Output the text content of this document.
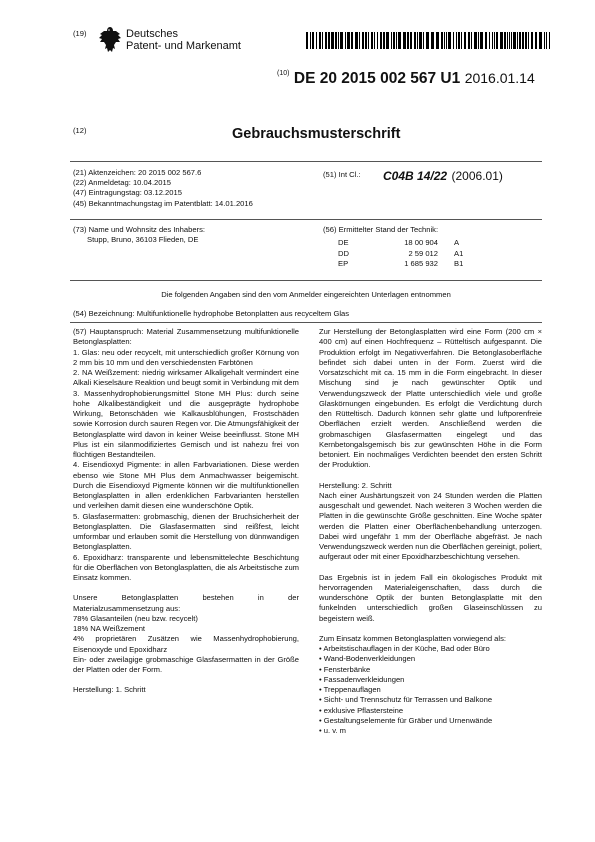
(19)	Deutsches
Patent- und Markenamt
$^{(10)}$ DE 20 2015 002 567 U1 2016.01.14
(12)	Gebrauchsmusterschrift
(21) Aktenzeichen: 20 2015 002 567.6
(22) Anmeldetag: 10.04.2015
(47) Eintragungstag: 03.12.2015
(45) Bekanntmachungstag im Patentblatt: 14.01.2016
(51) Int Cl.: C04B 14/22 (2006.01)
(73) Name und Wohnsitz des Inhabers:
Stupp, Bruno, 36103 Flieden, DE
(56) Ermittelter Stand der Technik:
DE	18 00 904 A
DD	2 59 012 A1
EP	1 685 932 B1
Die folgenden Angaben sind den vom Anmelder eingereichten Unterlagen entnommen
(54) Bezeichnung: Multifunktionelle hydrophobe Betonplatten aus recyceltem Glas

(57) Hauptanspruch: Material Zusammensetzung multifunktionelle Betonglasplatten:

1. Glas: neu oder recycelt, mit unterschiedlich großer Körnung von 2 mm bis 10 mm und den verschiedensten Farbtönen

2. NA Weißzement: niedrig wirksamer Alkaligehalt vermindert eine Alkali Kieselsäure Reaktion und beugt somit in Verbindung mit dem

3. Massenhydrophobierungsmittel Stone MH Plus: durch seine hohe Alkalibeständigkeit und die ausgeprägte hydrophobe Wirkung, Betonschäden wie Kalkausblühungen, Frostschäden sowie Korrosion durch sauren Regen vor. Die Atmungsfähigkeit der Betonglasplatte wird davon in keiner Weise beeinflusst. Stone MH Plus ist ein silanmodifiziertes Gemisch und ist nahezu frei von flüchtigen Bestandteilen.

4. Eisendioxyd Pigmente: in allen Farbvariationen. Diese werden ebenso wie Stone MH Plus dem Anmachwasser beigemischt. Durch die Eisendioxyd Pigmente können wir die multifunktionellen Betonglasplatten in allen erdenklichen Farbvarianten herstellen und verleihen damit diesen eine wunderschöne Optik.

5. Glasfasermatten: grobmaschig, dienen der Bruchsicherheit der Betonglasplatten. Die Glasfasermatten sind reißfest, leicht umformbar und erlauben somit die Herstellung von dünnwandigen Betonglasplatten.

6. Epoxidharz: transparente und lebensmittelechte Beschichtung für die Oberflächen von Betonglasplatten, die als Arbeitstische zum Einsatz kommen.

Unsere Betonglasplatten bestehen in der Materialzusammensetzung aus:

78% Glasanteilen (neu bzw. recycelt)

18% NA Weißzement

4% proprietären Zusätzen wie Massenhydrophobierung, Eisenoxyde und Epoxidharz

Ein- oder zweilagige grobmaschige Glasfasermatten in der Größe der Platten oder der Form.

Herstellung: 1. Schritt

Zur Herstellung der Betonglasplatten wird eine Form (200 cm × 400 cm) auf einen Hochfrequenz – Rütteltisch aufgespannt. Die Produktion erfolgt im Negativverfahren. Die Betonglasoberfläche befindet sich dabei unten in der Form. Zuerst wird die Vorsatzschicht mit ca. 15 mm in die Form eingebracht. In dieser Mischung sind je nach gewünschter Optik und Verwendungszweck der Platte unterschiedlich viele und große Glaskörnungen eingebunden. Es erfolgt die Verdichtung durch den Rütteltisch. Dadurch können sehr glatte und luftporenfreie Oberflächen erzielt werden. Anschließend werden die grobmaschigen Glasfasermatten eingelegt und das Kernbetongalsgemisch bis zur gewünschten Höhe in die Form betoniert. Ein nochmaliges Verdichten beendet den ersten Schritt der Produktion.

Herstellung: 2. Schritt

Nach einer Aushärtungszeit von 24 Stunden werden die Platten ausgeschalt und gewendet. Nach weiteren 3 Wochen werden die Platten in die gewünschte Größe geschnitten. Eine Woche später werden die Platten einer Oberflächenbehandlung unterzogen. Dabei wird ungefähr 1 mm der Oberfläche abgefräst. Je nach Verwendungszweck werden nun die Oberflächen gereinigt, poliert, aufgeraut oder mit einer Epoxidharzbeschichtung versehen.

Das Ergebnis ist in jedem Fall ein ökologisches Produkt mit hervorragenden Materialeigenschaften, dass durch die wunderschöne Optik der bunten Betonglasplatte mit den funkelnden unterschiedlich großen Glaseinschlüssen zu begeistern weiß.

Zum Einsatz kommen Betonglasplatten vorwiegend als:

• Arbeitstischauflagen in der Küche, Bad oder Büro
• Wand-Bodenverkleidungen
• Fensterbänke
• Fassadenverkleidungen
• Treppenauflagen
• Sicht- und Trennschutz für Terrassen und Balkone
• exklusive Pflastersteine
• Gestaltungselemente für Gräber und Urnenwände
• u. v. m
